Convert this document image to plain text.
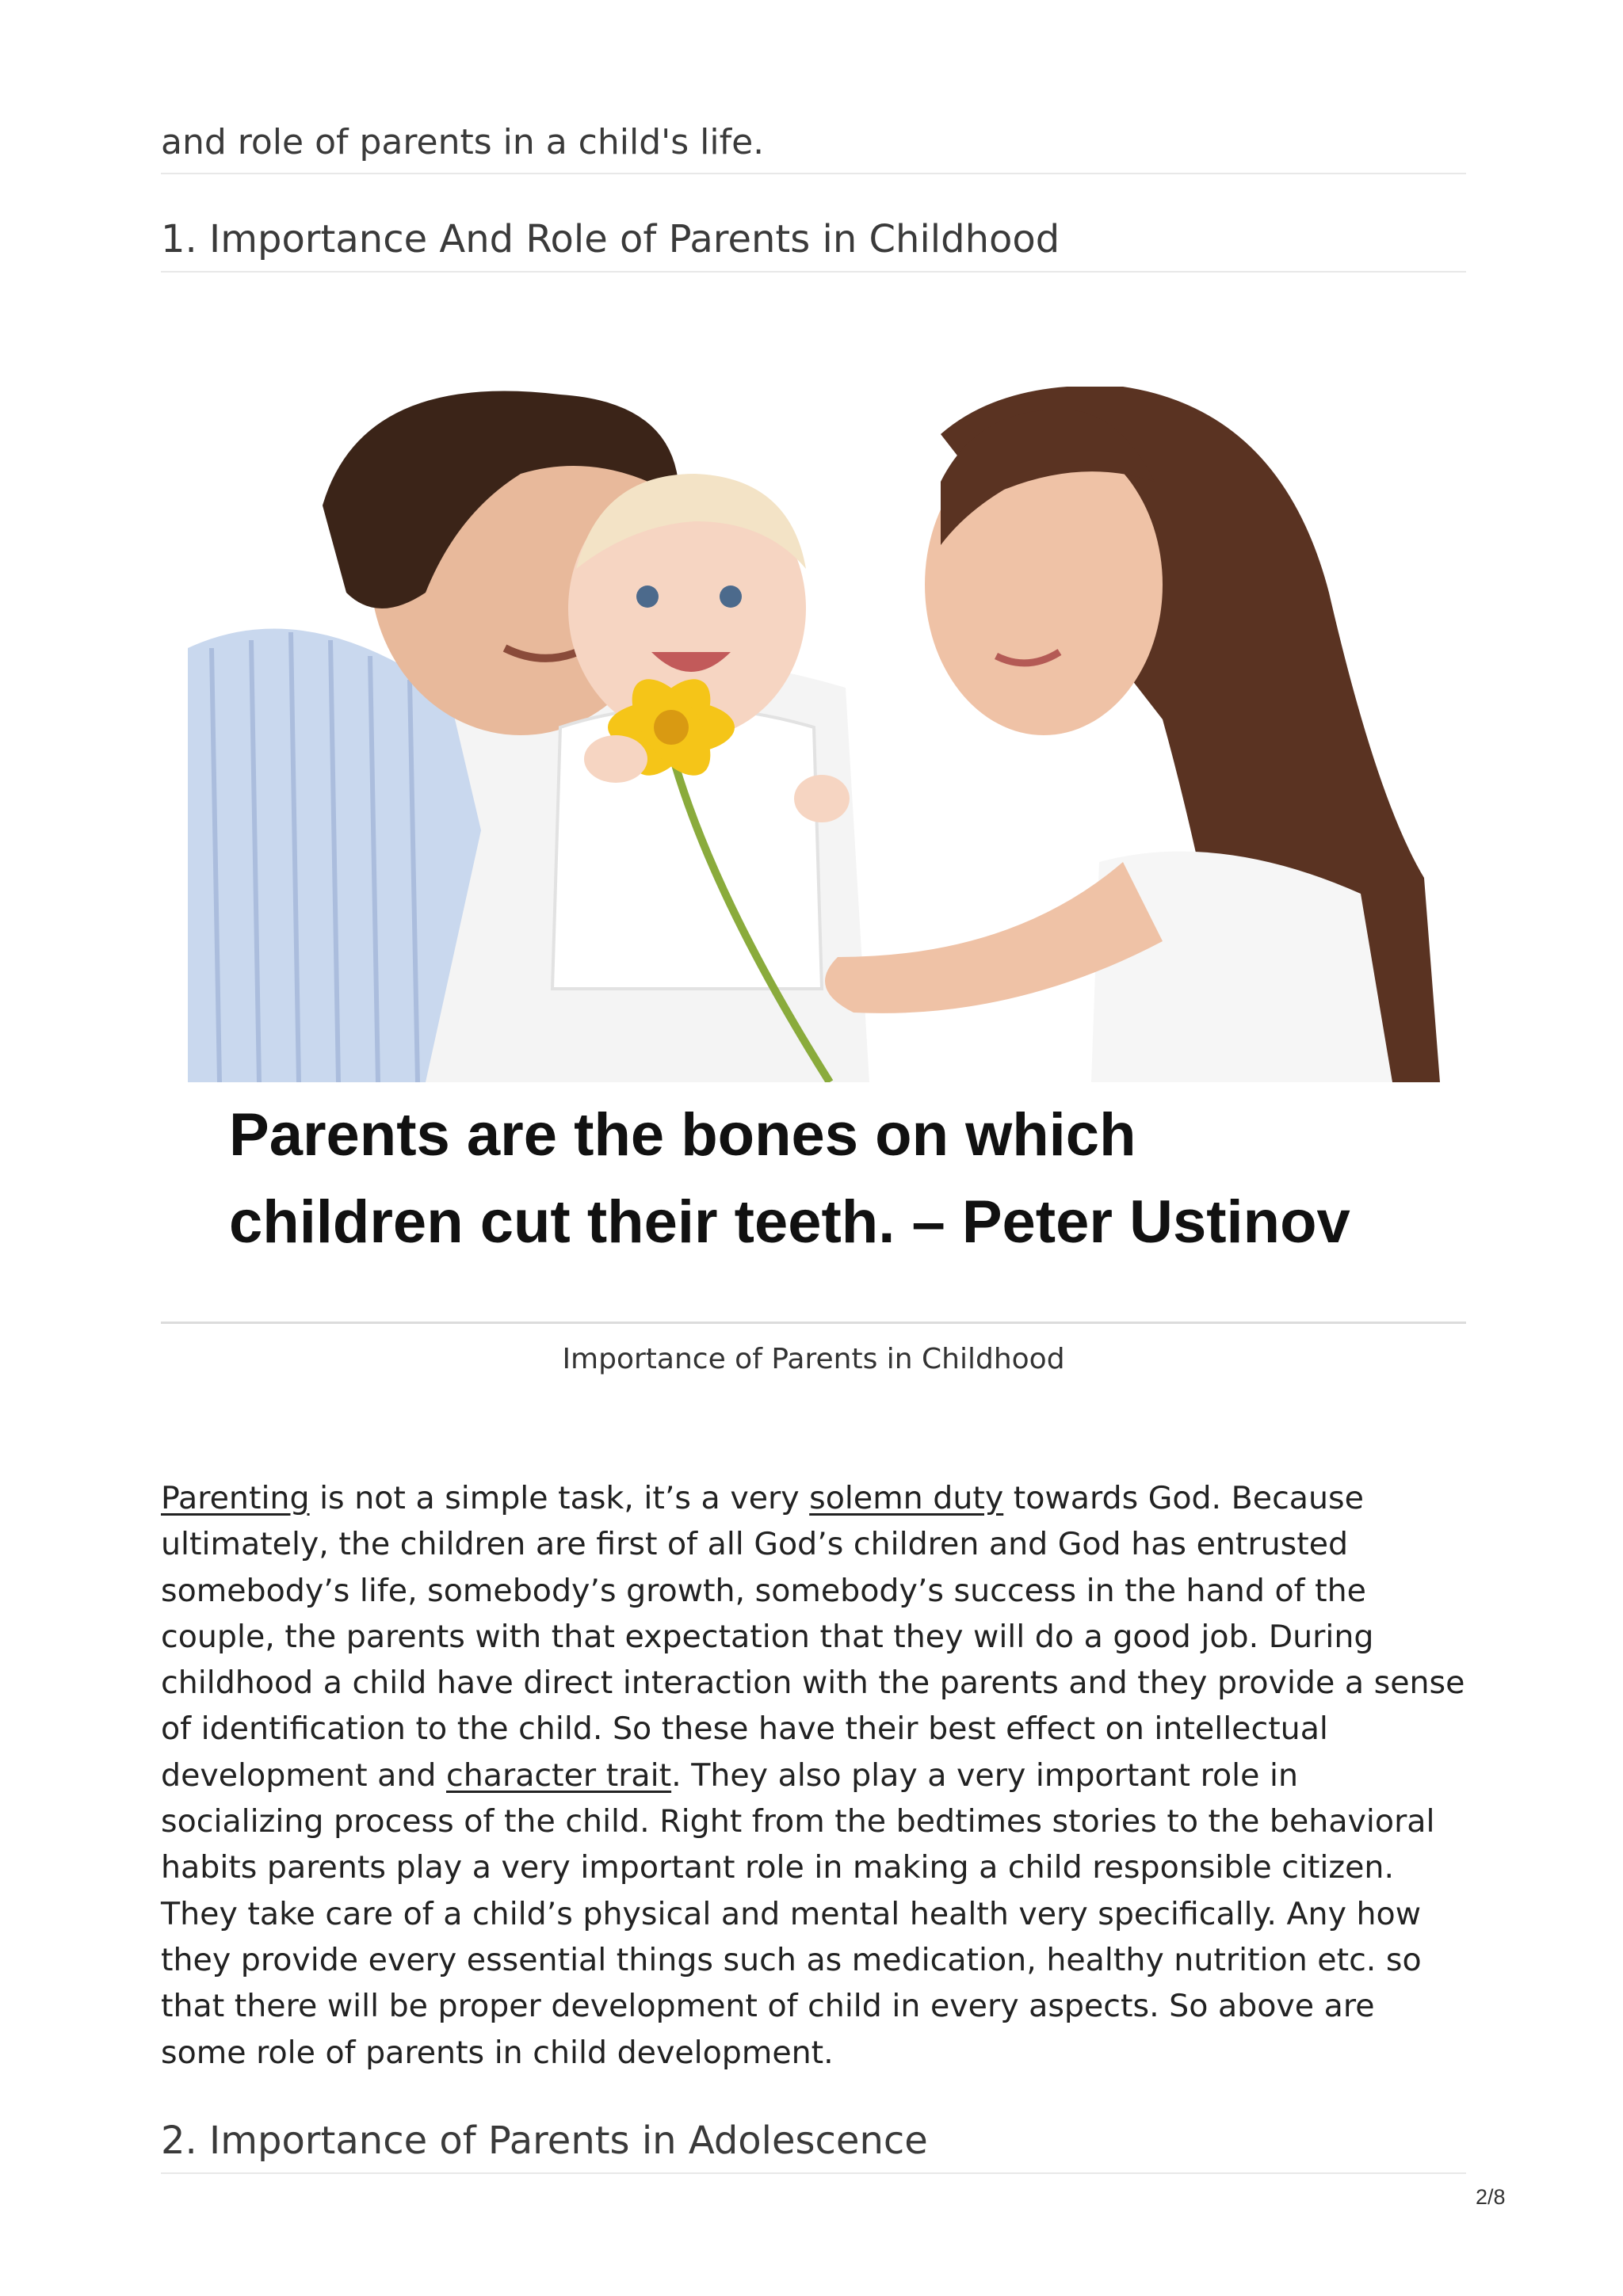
and role of parents in a child's life.
1. Importance And Role of Parents in Childhood

Parents are the bones on which
children cut their teeth. – Peter Ustinov

Importance of Parents in Childhood

Parenting is not a simple task, it’s a very solemn duty towards God. Because ultimately, the children are first of all God’s children and God has entrusted somebody’s life, somebody’s growth, somebody’s success in the hand of the couple, the parents with that expectation that they will do a good job. During childhood a child have direct interaction with the parents and they provide a sense of identification to the child. So these have their best effect on intellectual development and character trait. They also play a very important role in socializing process of the child. Right from the bedtimes stories to the behavioral habits parents play a very important role in making a child responsible citizen. They take care of a child’s physical and mental health very specifically. Any how they provide every essential things such as medication, healthy nutrition etc. so that there will be proper development of child in every aspects. So above are some role of parents in child development.

2. Importance of Parents in Adolescence
2/8
